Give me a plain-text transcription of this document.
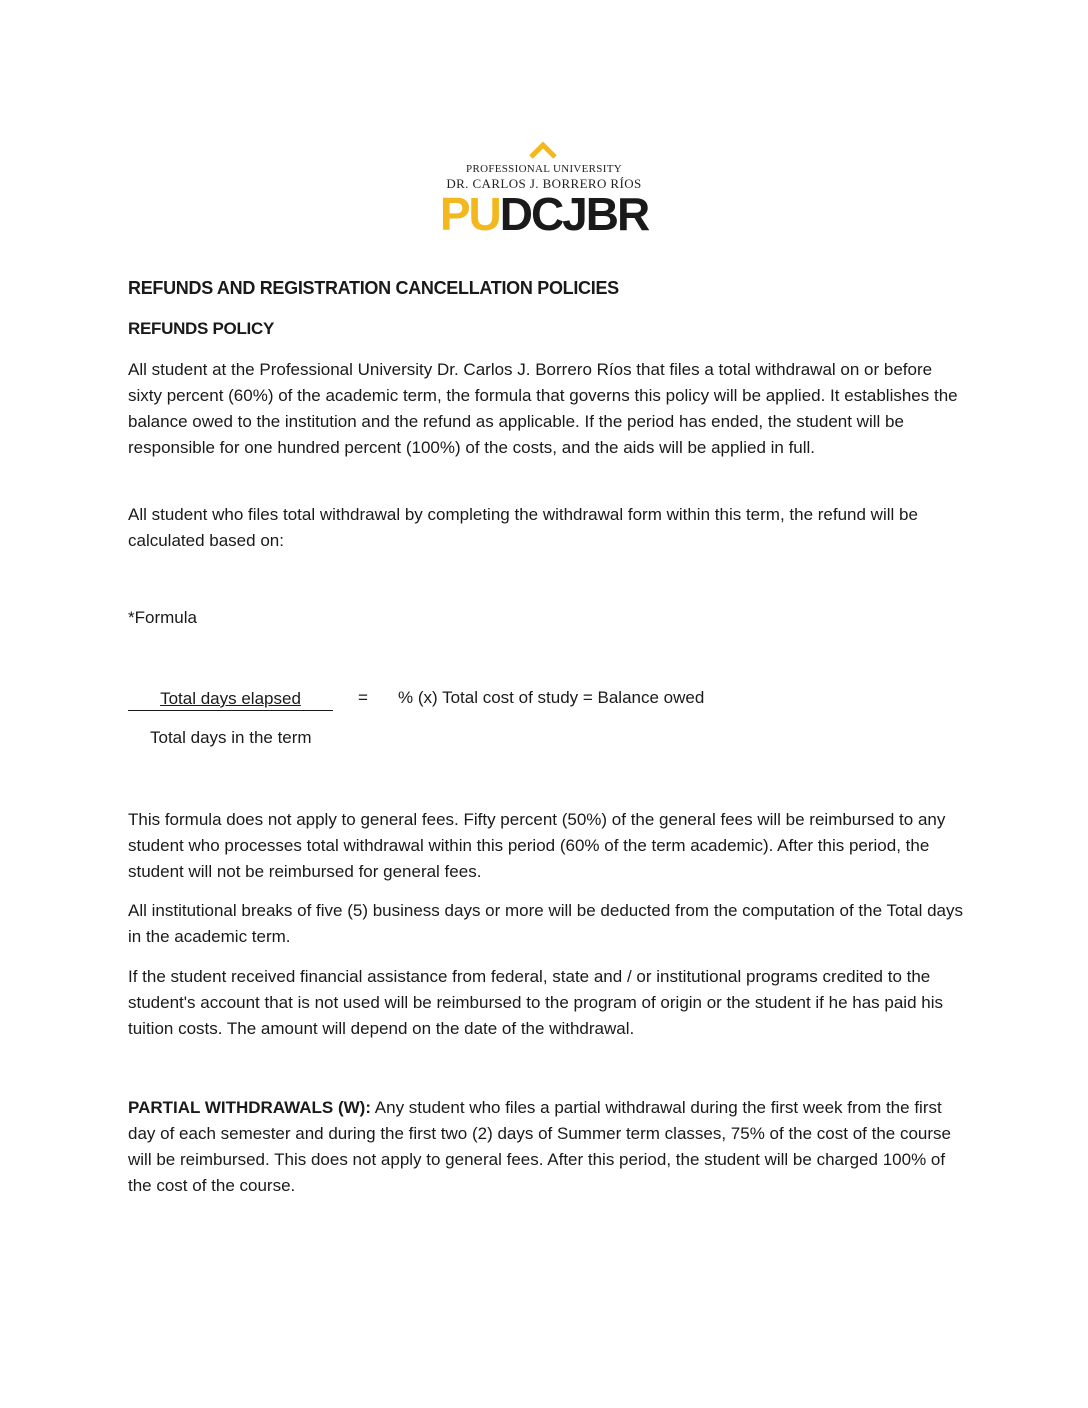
PROFESSIONAL UNIVERSITY
DR. CARLOS J. BORRERO RÍOS
PUDCJBR
REFUNDS AND REGISTRATION CANCELLATION POLICIES
REFUNDS POLICY

All student at the Professional University Dr. Carlos J. Borrero Ríos that files a total withdrawal on or before sixty percent (60%) of the academic term, the formula that governs this policy will be applied. It establishes the balance owed to the institution and the refund as applicable. If the period has ended, the student will be responsible for one hundred percent (100%) of the costs, and the aids will be applied in full.

All student who files total withdrawal by completing the withdrawal form within this term, the refund will be calculated based on:

*Formula
Total days elapsed	= % (x) Total cost of study = Balance owed
Total days in the term

This formula does not apply to general fees. Fifty percent (50%) of the general fees will be reimbursed to any student who processes total withdrawal within this period (60% of the term academic). After this period, the student will not be reimbursed for general fees.

All institutional breaks of five (5) business days or more will be deducted from the computation of the Total days in the academic term.

If the student received financial assistance from federal, state and / or institutional programs credited to the student's account that is not used will be reimbursed to the program of origin or the student if he has paid his tuition costs. The amount will depend on the date of the withdrawal.

PARTIAL WITHDRAWALS (W): Any student who files a partial withdrawal during the first week from the first day of each semester and during the first two (2) days of Summer term classes, 75% of the cost of the course will be reimbursed. This does not apply to general fees. After this period, the student will be charged 100% of the cost of the course.
